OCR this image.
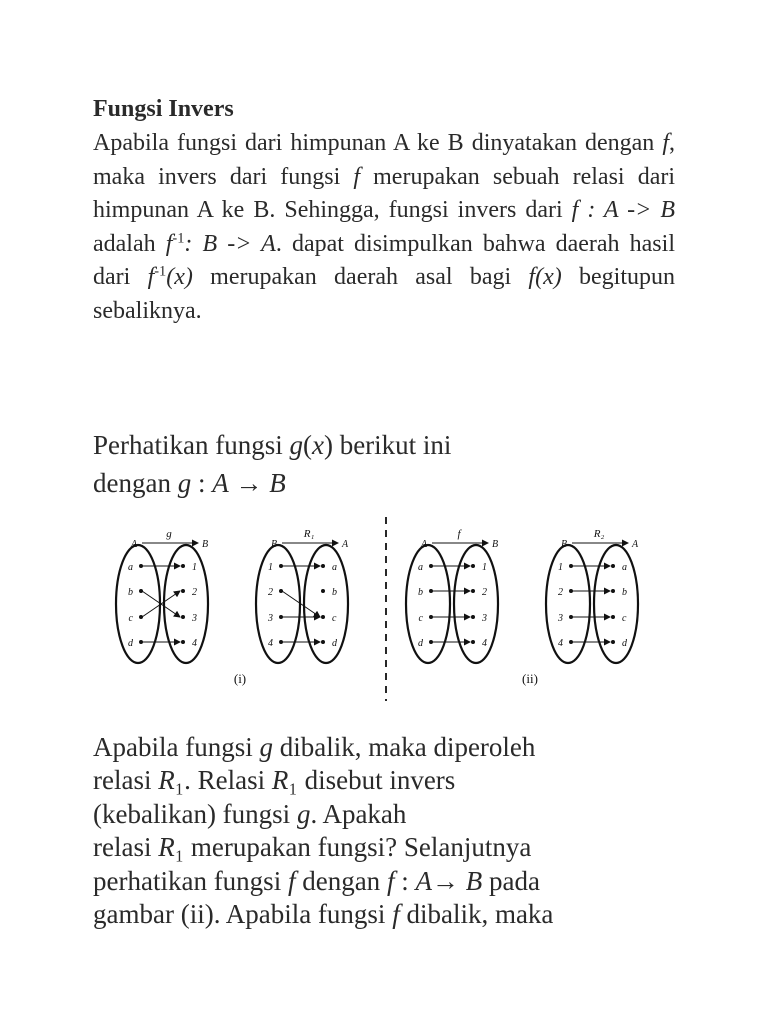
Fungsi Invers
Apabila fungsi dari himpunan A ke B dinyatakan dengan f, maka invers dari fungsi f merupakan sebuah relasi dari himpunan A ke B. Sehingga, fungsi invers dari f : A -> B adalah $f^{-1}$: B -> A. dapat disimpulkan bahwa daerah hasil dari $f^{-1}(x)$ merupakan daerah asal bagi f(x) begitupun sebaliknya.
Perhatikan fungsi g(x) berikut ini
dengan g : A → B
(i)	(ii)
A	B
g
a
b
c
d
1
2
3
4
B	A
R₁
1
2
3
4
a
b
c
d
A	B
f
a
b
c
d
1
2
3
4
B	A
R₂
1
2
3
4
a
b
c
d
Apabila fungsi g dibalik, maka diperoleh
relasi R₁. Relasi R₁ disebut invers
(kebalikan) fungsi g. Apakah
relasi R₁ merupakan fungsi? Selanjutnya
perhatikan fungsi f dengan f : A→ B pada
gambar (ii). Apabila fungsi f dibalik, maka
